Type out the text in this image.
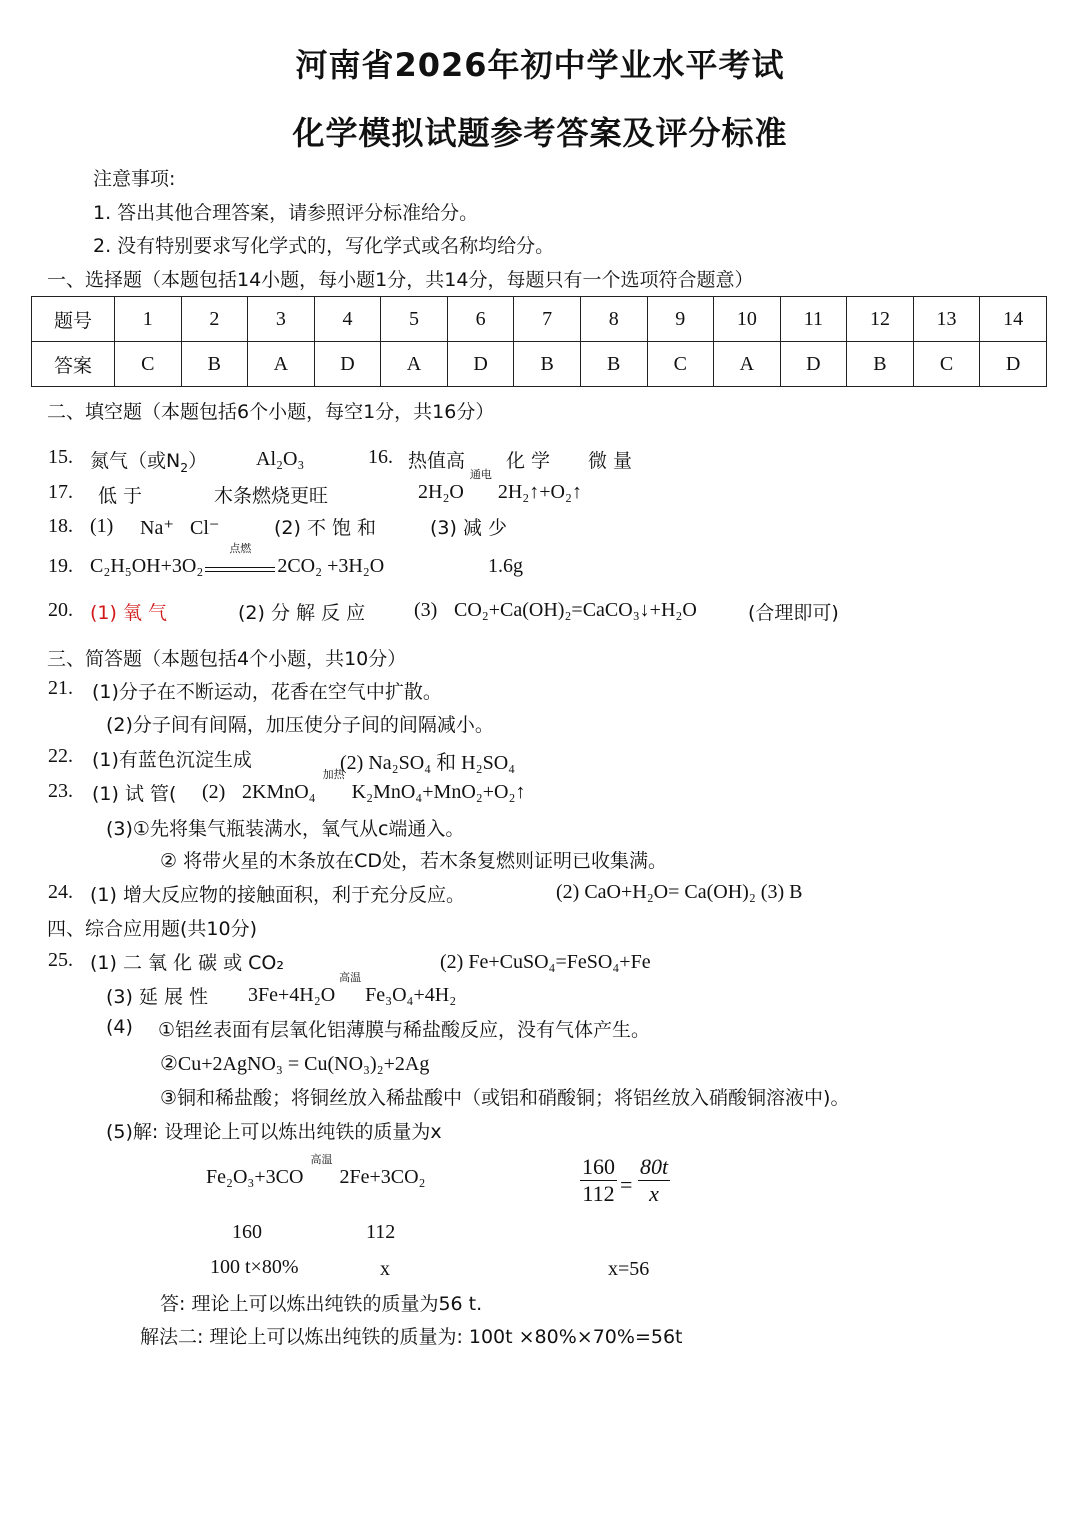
河南省2026年初中学业水平考试
化学模拟试题参考答案及评分标准
注意事项:
1. 答出其他合理答案，请参照评分标准给分。
2. 没有特别要求写化学式的，写化学式或名称均给分。
一、选择题（本题包括14小题，每小题1分，共14分，每题只有一个选项符合题意）
题号	1	2	3	4	5	6	7	8	9	10	11	12	13	14
答案	C	B	A	D	A	D	B	B	C	A	D	B	C	D
二、填空题（本题包括6个小题，每空1分，共16分）
15. 氮气（或$N_2$） Al₂O₃	16. 热值高 化 学 微 量
17. 低 于	木条燃烧更旺	2H₂O
通电
 2H₂↑+O₂↑
18. (1) Na⁺ Cl⁻	(2) 不 饱 和	(3) 减 少
19. C₂H₅OH+3O₂
点燃
2CO₂ +3H₂O	1.6g
20. (1) 氧 气	(2) 分 解 反 应 (3) CO₂+Ca(OH)₂=CaCO₃↓+H₂O	(合理即可)
三、简答题（本题包括4个小题，共10分）
21. (1)分子在不断运动，花香在空气中扩散。
(2)分子间有间隔，加压使分子间的间隔减小。
22. (1)有蓝色沉淀生成	(2) Na₂SO₄ 和 H₂SO₄
23. (1) 试 管( (2) 2KMnO₄
加热
 K₂MnO₄+MnO₂+O₂↑
(3)①先将集气瓶装满水，氧气从c端通入。
② 将带火星的木条放在CD处，若木条复燃则证明已收集满。
24. (1) 增大反应物的接触面积，利于充分反应。	(2) CaO+H₂O= Ca(OH)₂ (3) B
四、综合应用题(共10分)
25. (1) 二 氧 化 碳 或 CO₂	(2) Fe+CuSO₄=FeSO₄+Fe
(3) 延 展 性 3Fe+4H₂O
高温
 Fe₃O₄+4H₂
(4) ①铝丝表面有层氧化铝薄膜与稀盐酸反应，没有气体产生。
②Cu+2AgNO₃ = Cu(NO₃)₂+2Ag
③铜和稀盐酸；将铜丝放入稀盐酸中（或铝和硝酸铜；将铝丝放入硝酸铜溶液中)。
(5)解: 设理论上可以炼出纯铁的质量为x
Fe₂O₃+3CO
高温
 2Fe+3CO₂	$\frac{160}{112} = \frac{80t}{x}$
160	112
100 t×80%	x	x=56
答: 理论上可以炼出纯铁的质量为56 t.
解法二: 理论上可以炼出纯铁的质量为: 100t ×80%×70%=56t
